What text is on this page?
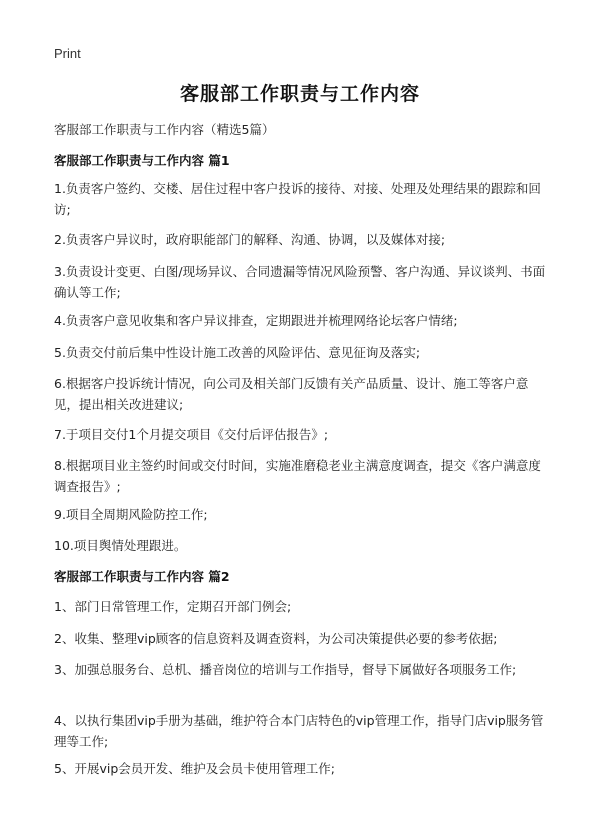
Print
客服部工作职责与工作内容
客服部工作职责与工作内容（精选5篇）
客服部工作职责与工作内容 篇1
1.负责客户签约、交楼、居住过程中客户投诉的接待、对接、处理及处理结果的跟踪和回访;
2.负责客户异议时，政府职能部门的解释、沟通、协调，以及媒体对接;
3.负责设计变更、白图/现场异议、合同遗漏等情况风险预警、客户沟通、异议谈判、书面确认等工作;
4.负责客户意见收集和客户异议排查，定期跟进并梳理网络论坛客户情绪;
5.负责交付前后集中性设计施工改善的风险评估、意见征询及落实;
6.根据客户投诉统计情况，向公司及相关部门反馈有关产品质量、设计、施工等客户意见，提出相关改进建议;
7.于项目交付1个月提交项目《交付后评估报告》;
8.根据项目业主签约时间或交付时间，实施准磨稳老业主满意度调查，提交《客户满意度调查报告》;
9.项目全周期风险防控工作;
10.项目舆情处理跟进。
客服部工作职责与工作内容 篇2
1、部门日常管理工作，定期召开部门例会;
2、收集、整理vip顾客的信息资料及调查资料，为公司决策提供必要的参考依据;
3、加强总服务台、总机、播音岗位的培训与工作指导，督导下属做好各项服务工作;
4、以执行集团vip手册为基础，维护符合本门店特色的vip管理工作，指导门店vip服务管理等工作;
5、开展vip会员开发、维护及会员卡使用管理工作;
